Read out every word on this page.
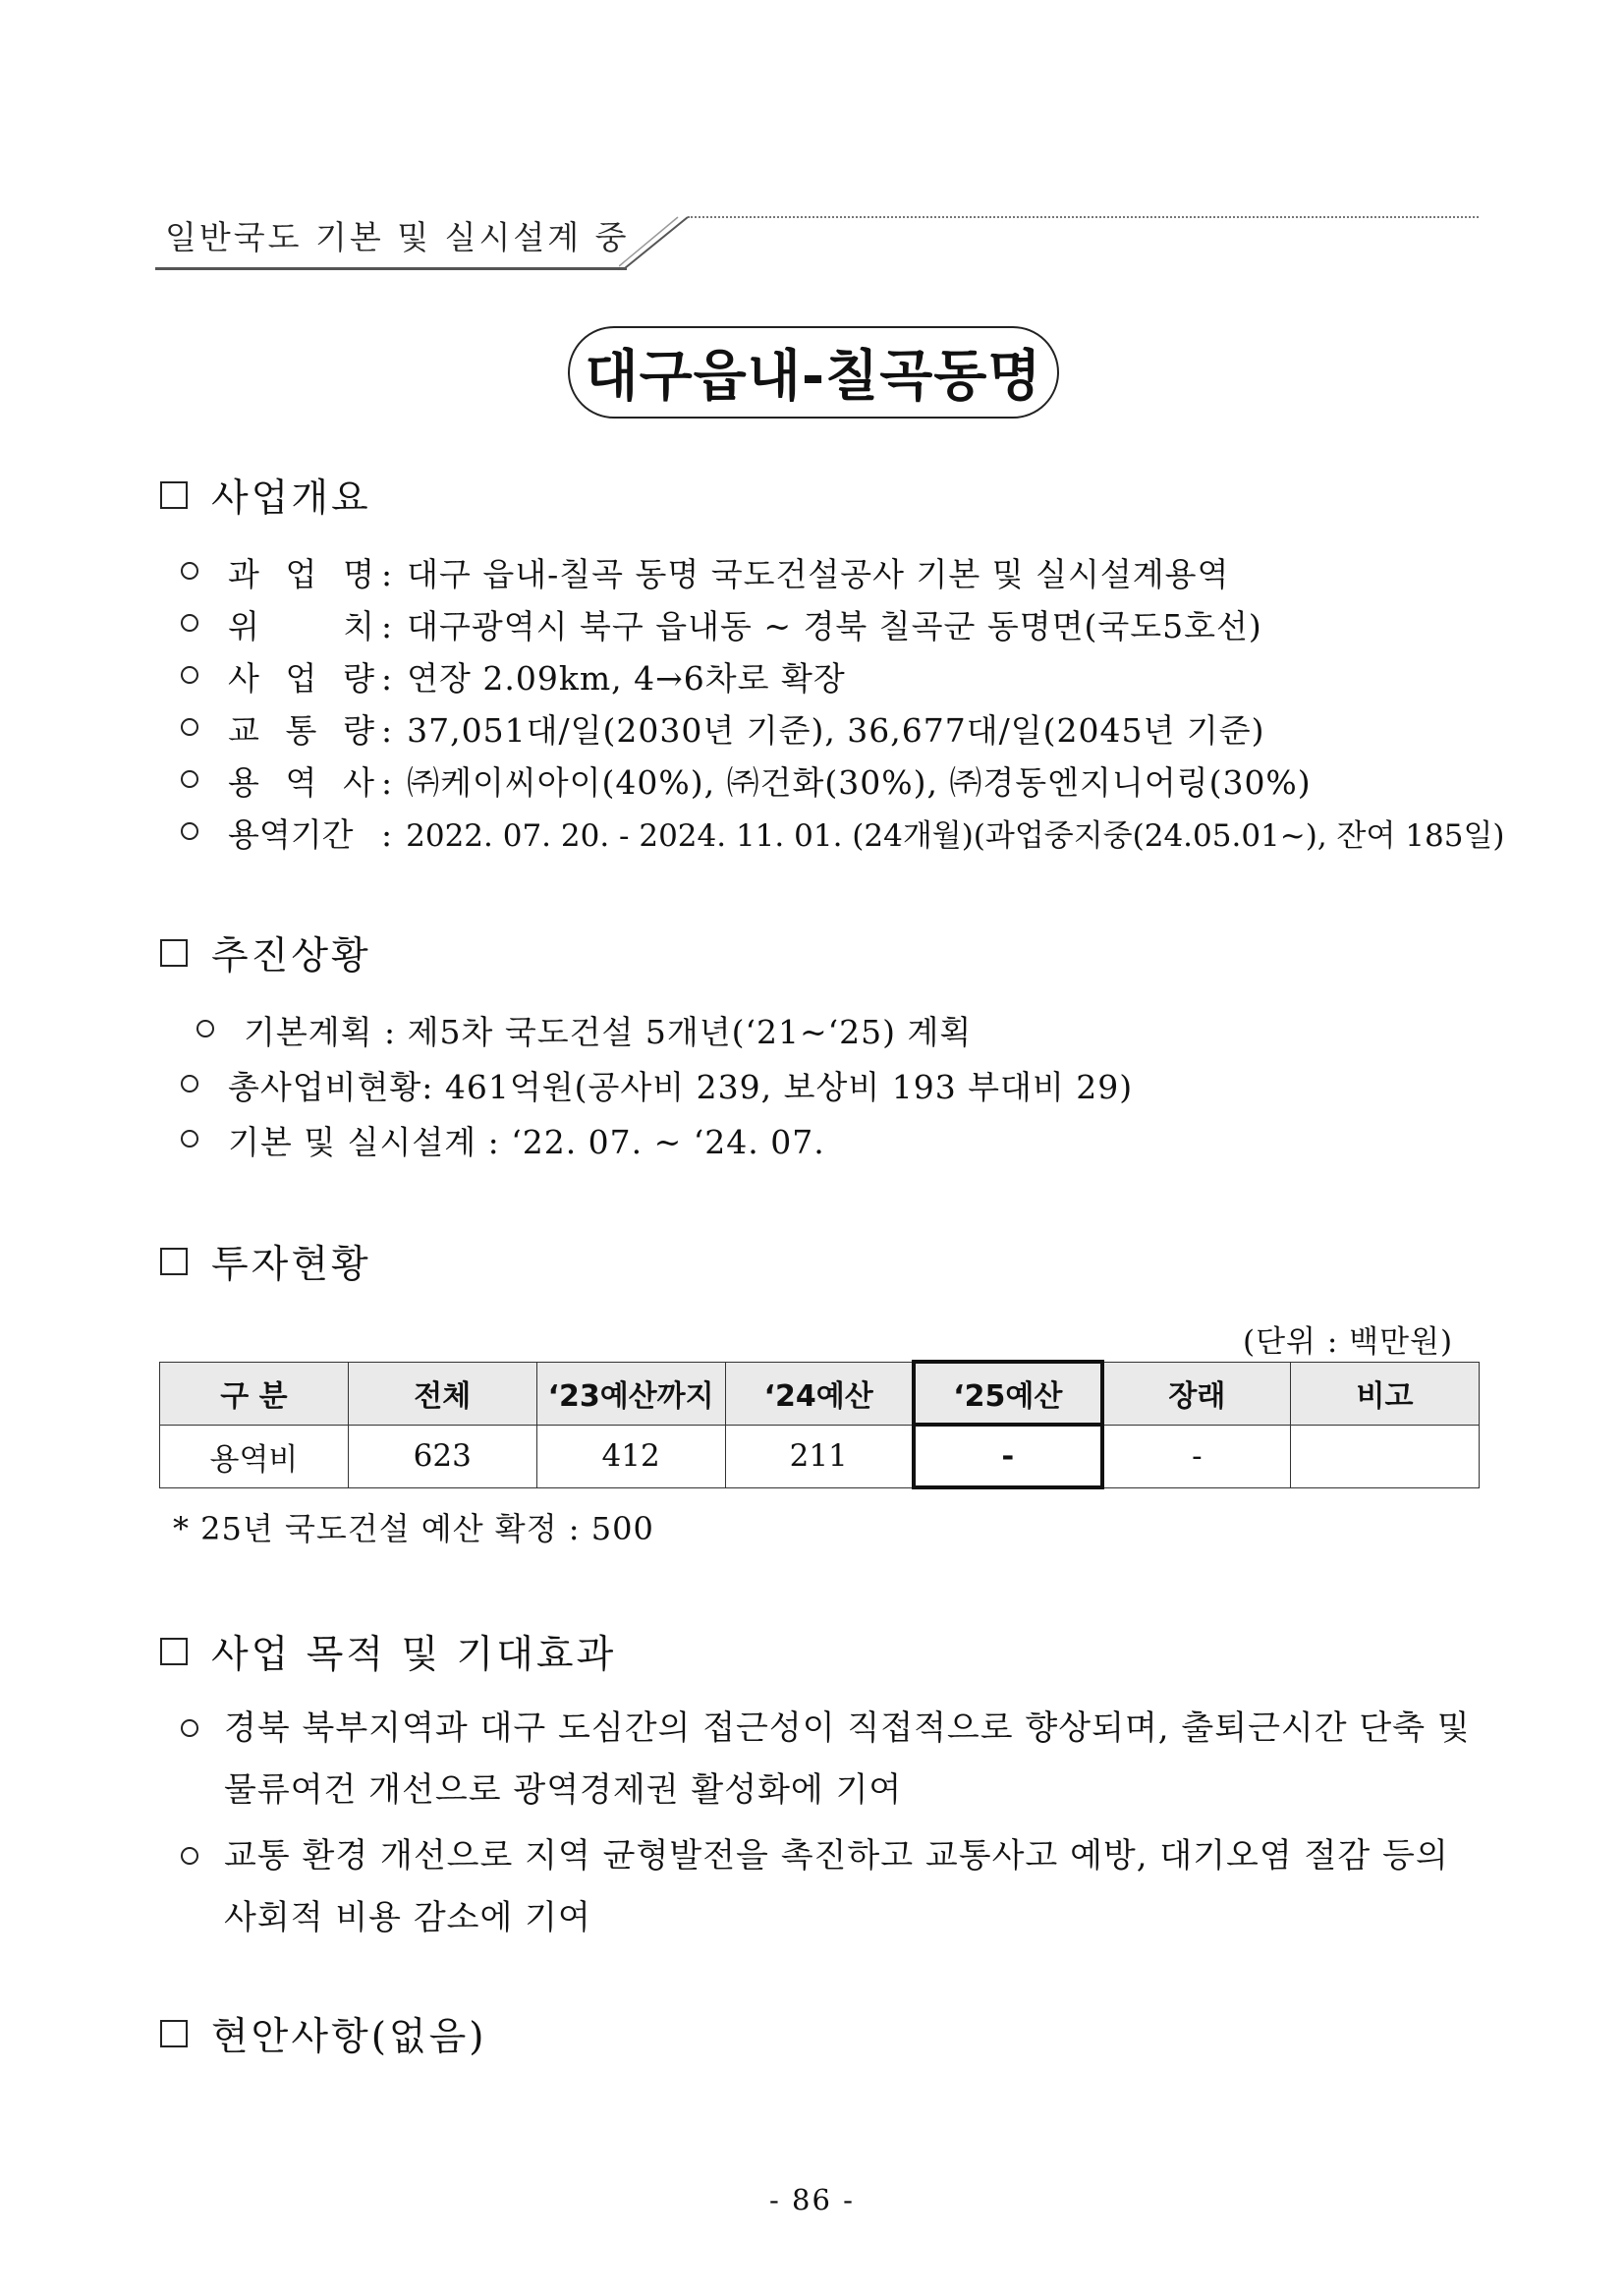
일반국도 기본 및 실시설계 중
대구읍내-칠곡동명
사업개요
과 업 명 : 대구 읍내-칠곡 동명 국도건설공사 기본 및 실시설계용역
위	치 : 대구광역시 북구 읍내동 ~ 경북 칠곡군 동명면(국도5호선)
사 업 량 : 연장 2.09km, 4→6차로 확장
교 통 량 : 37,051대/일(2030년 기준), 36,677대/일(2045년 기준)
용 역 사 : ㈜케이씨아이(40%), ㈜건화(30%), ㈜경동엔지니어링(30%)
용역기간 : 2022. 07. 20. - 2024. 11. 01. (24개월)(과업중지중(24.05.01~), 잔여 185일)
추진상황
기본계획 : 제5차 국도건설 5개년(‘21~‘25) 계획
총사업비현황: 461억원(공사비 239, 보상비 193 부대비 29)
기본 및 실시설계 : ‘22. 07. ~ ‘24. 07.
투자현황
(단위 : 백만원)
구 분	전체	‘23예산까지	‘24예산	‘25예산	장래	비고
용역비	623	412	211	-	-	
* 25년 국도건설 예산 확정 : 500
사업 목적 및 기대효과
경북 북부지역과 대구 도심간의 접근성이 직접적으로 향상되며, 출퇴근시간 단축 및 물류여건 개선으로 광역경제권 활성화에 기여
교통 환경 개선으로 지역 균형발전을 촉진하고 교통사고 예방, 대기오염 절감 등의 사회적 비용 감소에 기여
현안사항(없음)
- 86 -
